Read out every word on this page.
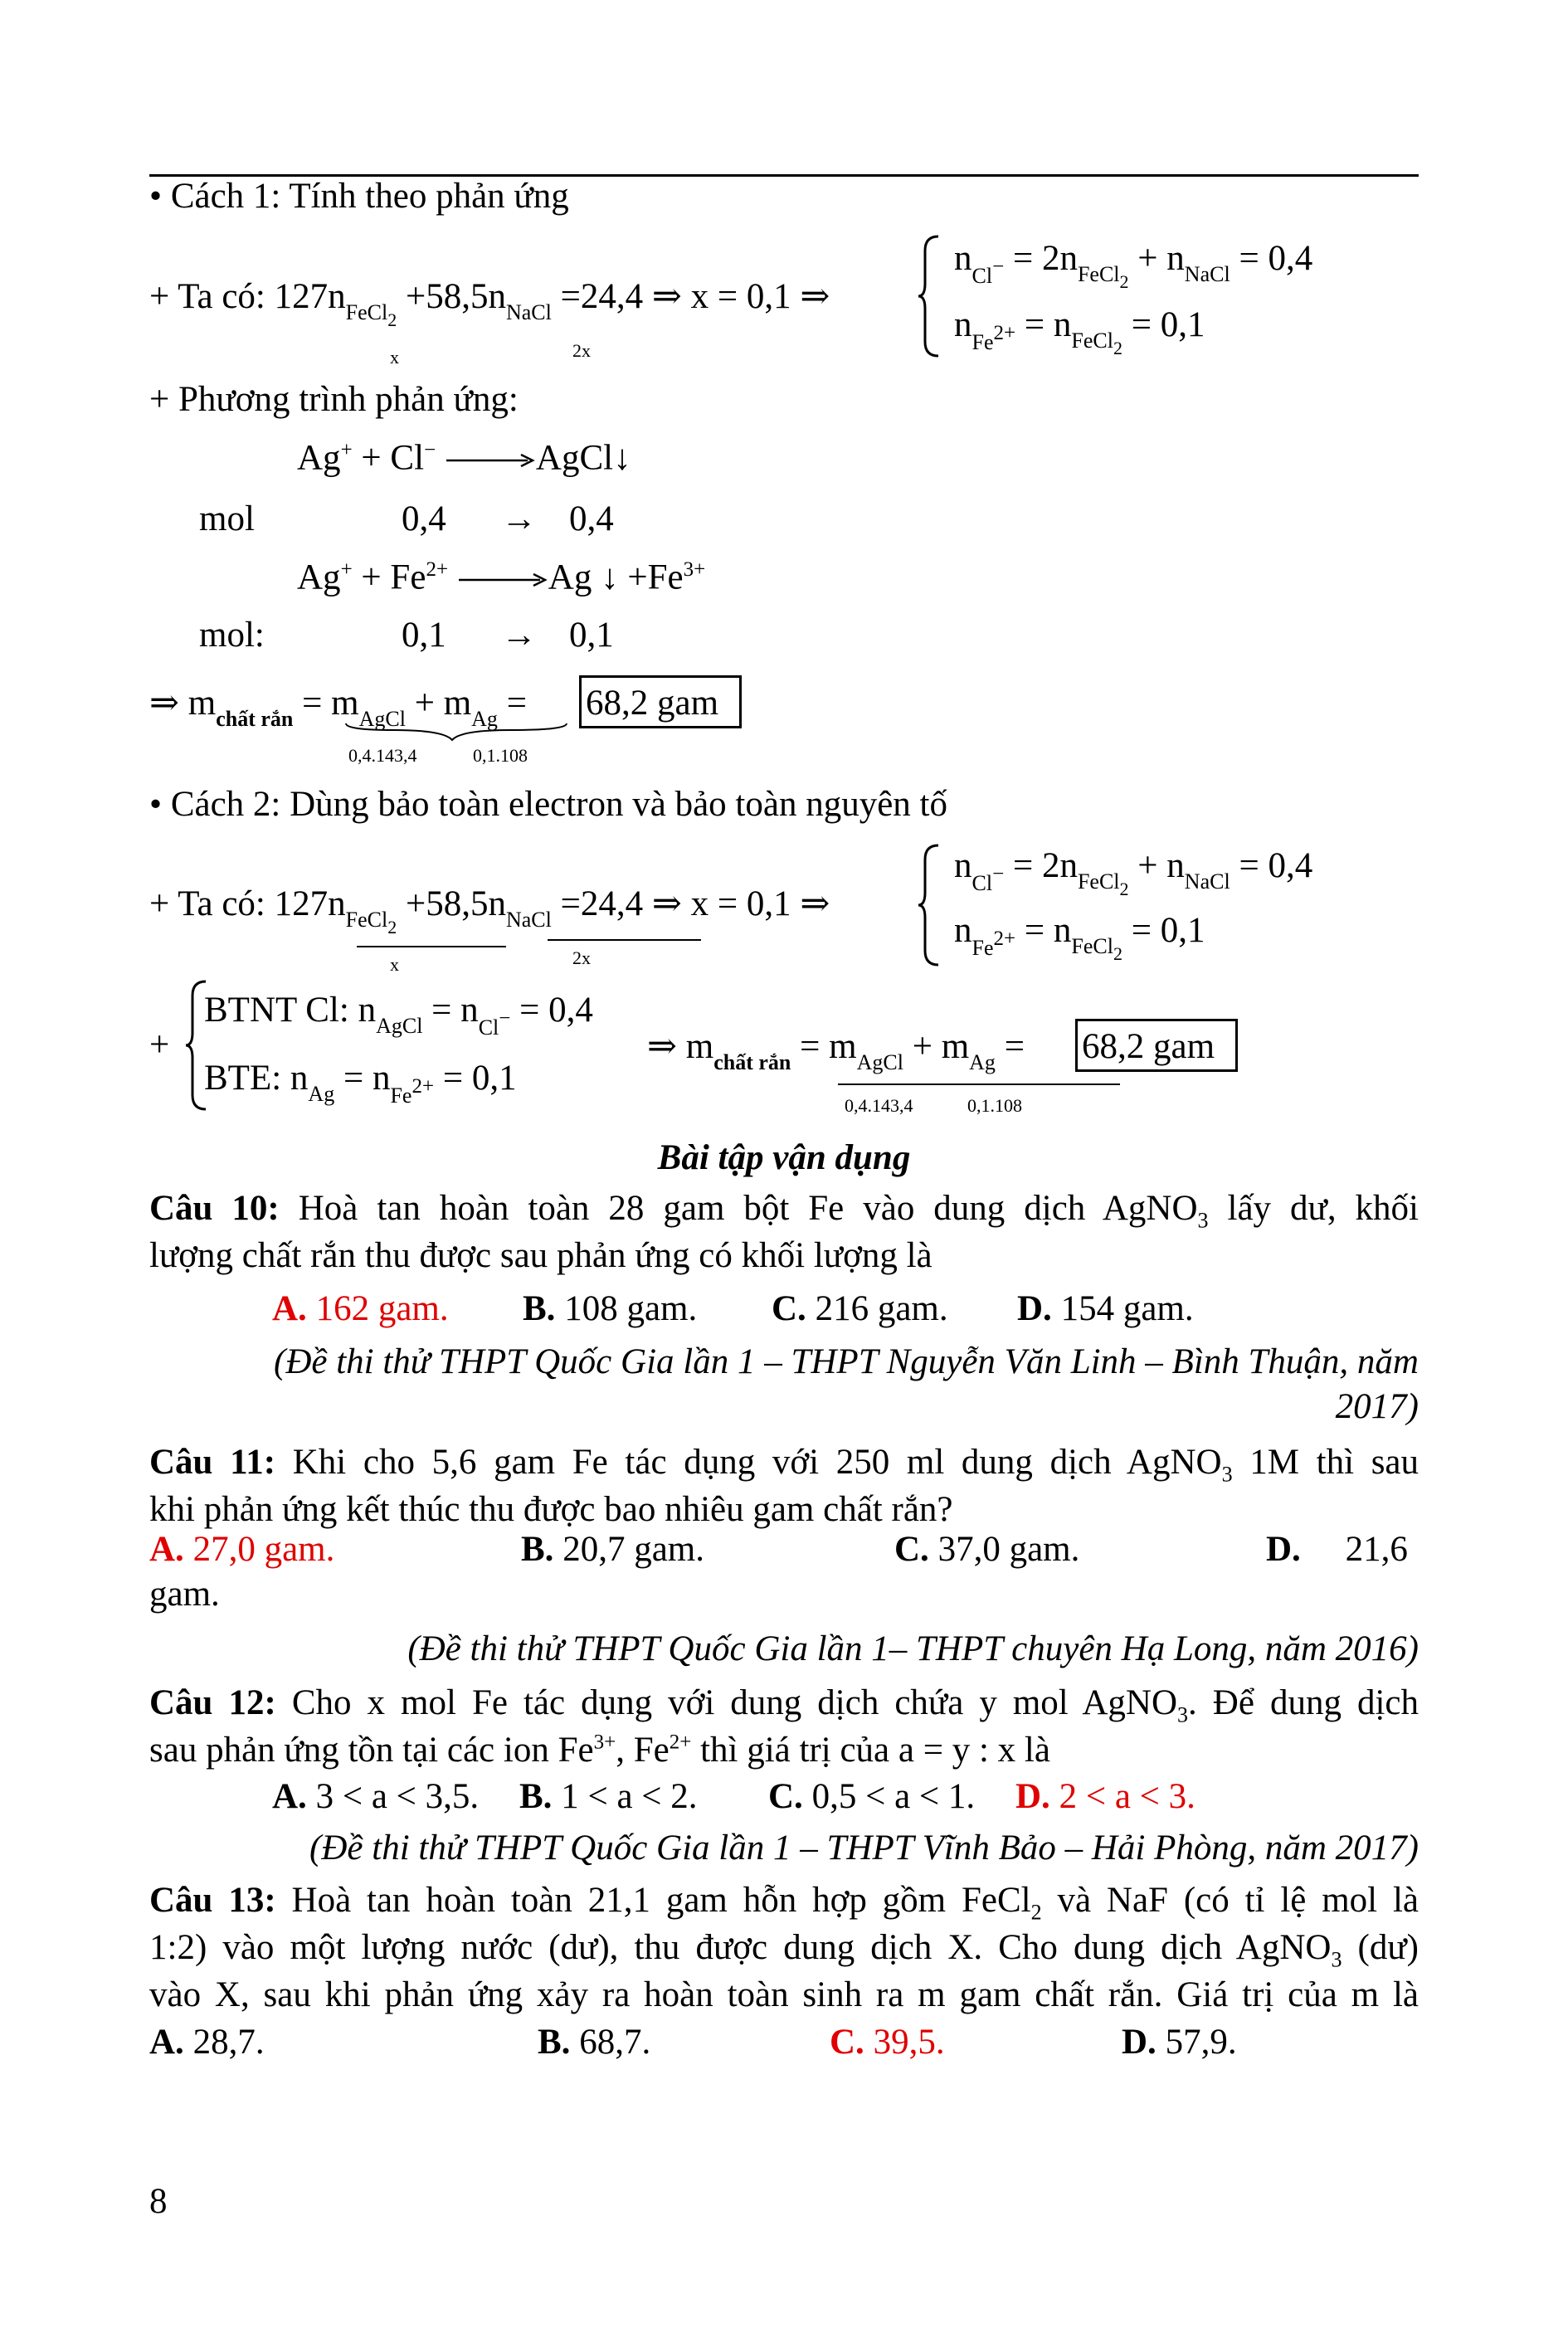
• Cách 1: Tính theo phản ứng
+ Ta có: $127n_{FeCl2} +58,5n_{NaCl} =24,4$ ⇒ x = 0,1 ⇒
x	2x
$n_{Cl}- = 2n_{FeCl2} + n_{NaCl} = 0,4$
$n_{Fe}2+ = n_{FeCl2} = 0,1$
+ Phương trình phản ứng:
Ag+ + Cl−	AgCl↓
mol	0,4 → 0,4
$Ag^+ + Fe^{2+}$	Ag ↓ $+Fe^{3+}$
mol:	0,1 → 0,1
⇒ $m_{chất rắn} = m_{AgCl} + m_{Ag} = 68,2$ gam
0,4.143,4	0,1.108
• Cách 2: Dùng bảo toàn electron và bảo toàn nguyên tố
+ Ta có: $127n_{FeCl2} +58,5n_{NaCl} =24,4$ ⇒ x = 0,1 ⇒
x	2x
$n_{Cl}- = 2n_{FeCl2} + n_{NaCl} = 0,4$
$n_{Fe}2+ = n_{FeCl2} = 0,1$
+
BTNT Cl: $n_{AgCl} = n_{Cl}- = 0,4$
BTE: $n_{Ag} = n_{Fe}2+ = 0,1$
⇒ $m_{chất rắn} = m_{AgCl} + m_{Ag} = 68,2$ gam
0,4.143,4	0,1.108
Bài tập vận dụng
Câu 10: Hoà tan hoàn toàn 28 gam bột Fe vào dung dịch AgNO$_3$ lấy dư, khối
lượng chất rắn thu được sau phản ứng có khối lượng là
A. 162 gam. B. 108 gam. C. 216 gam. D. 154 gam.
(Đề thi thử THPT Quốc Gia lần 1 – THPT Nguyễn Văn Linh – Bình Thuận, năm
2017)
Câu 11: Khi cho 5,6 gam Fe tác dụng với 250 ml dung dịch AgNO$_3$ 1M thì sau
khi phản ứng kết thúc thu được bao nhiêu gam chất rắn?
A. 27,0 gam.	B. 20,7 gam.	C. 37,0 gam.	D. 21,6
gam.
(Đề thi thử THPT Quốc Gia lần 1– THPT chuyên Hạ Long, năm 2016)
Câu 12: Cho x mol Fe tác dụng với dung dịch chứa y mol AgNO$_3$. Để dung dịch
sau phản ứng tồn tại các ion $Fe^{3+}$, $Fe^{2+}$ thì giá trị của a = y : x là
A. 3 < a < 3,5. B. 1 < a < 2. C. 0,5 < a < 1. D. 2 < a < 3.
(Đề thi thử THPT Quốc Gia lần 1 – THPT Vĩnh Bảo – Hải Phòng, năm 2017)
Câu 13: Hoà tan hoàn toàn 21,1 gam hỗn hợp gồm FeCl$_2$ và NaF (có tỉ lệ mol là
1:2) vào một lượng nước (dư), thu được dung dịch X. Cho dung dịch AgNO$_3$ (dư)
vào X, sau khi phản ứng xảy ra hoàn toàn sinh ra m gam chất rắn. Giá trị của m là
A. 28,7.	B. 68,7.	C. 39,5.	D. 57,9.
8
